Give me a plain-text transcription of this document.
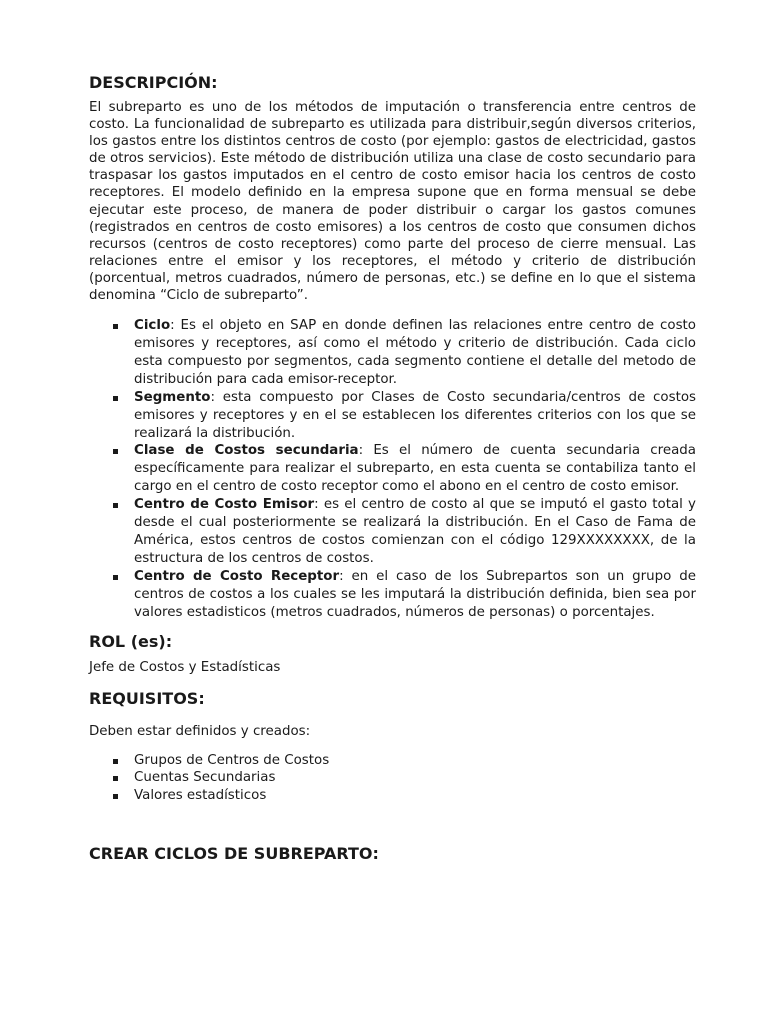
DESCRIPCIÓN:

El subreparto es uno de los métodos de imputación o transferencia entre centros de costo. La funcionalidad de subreparto es utilizada para distribuir,según diversos criterios, los gastos entre los distintos centros de costo (por ejemplo: gastos de electricidad, gastos de otros servicios). Este método de distribución utiliza una clase de costo secundario para traspasar los gastos imputados en el centro de costo emisor hacia los centros de costo receptores. El modelo definido en la empresa supone que en forma mensual se debe ejecutar este proceso, de manera de poder distribuir o cargar los gastos comunes (registrados en centros de costo emisores) a los centros de costo que consumen dichos recursos (centros de costo receptores) como parte del proceso de cierre mensual. Las relaciones entre el emisor y los receptores, el método y criterio de distribución (porcentual, metros cuadrados, número de personas, etc.) se define en lo que el sistema denomina “Ciclo de subreparto”.

Ciclo: Es el objeto en SAP en donde definen las relaciones entre centro de costo emisores y receptores, así como el método y criterio de distribución. Cada ciclo esta compuesto por segmentos, cada segmento contiene el detalle del metodo de distribución para cada emisor-receptor.
Segmento: esta compuesto por Clases de Costo secundaria/centros de costos emisores y receptores y en el se establecen los diferentes criterios con los que se realizará la distribución.
Clase de Costos secundaria: Es el número de cuenta secundaria creada específicamente para realizar el subreparto, en esta cuenta se contabiliza tanto el cargo en el centro de costo receptor como el abono en el centro de costo emisor.
Centro de Costo Emisor: es el centro de costo al que se imputó el gasto total y desde el cual posteriormente se realizará la distribución. En el Caso de Fama de América, estos centros de costos comienzan con el código 129XXXXXXXX, de la estructura de los centros de costos.
Centro de Costo Receptor: en el caso de los Subrepartos son un grupo de centros de costos a los cuales se les imputará la distribución definida, bien sea por valores estadisticos (metros cuadrados, números de personas) o porcentajes.
ROL (es):
Jefe de Costos y Estadísticas
REQUISITOS:
Deben estar definidos y creados:
Grupos de Centros de Costos
Cuentas Secundarias
Valores estadísticos
CREAR CICLOS DE SUBREPARTO:
